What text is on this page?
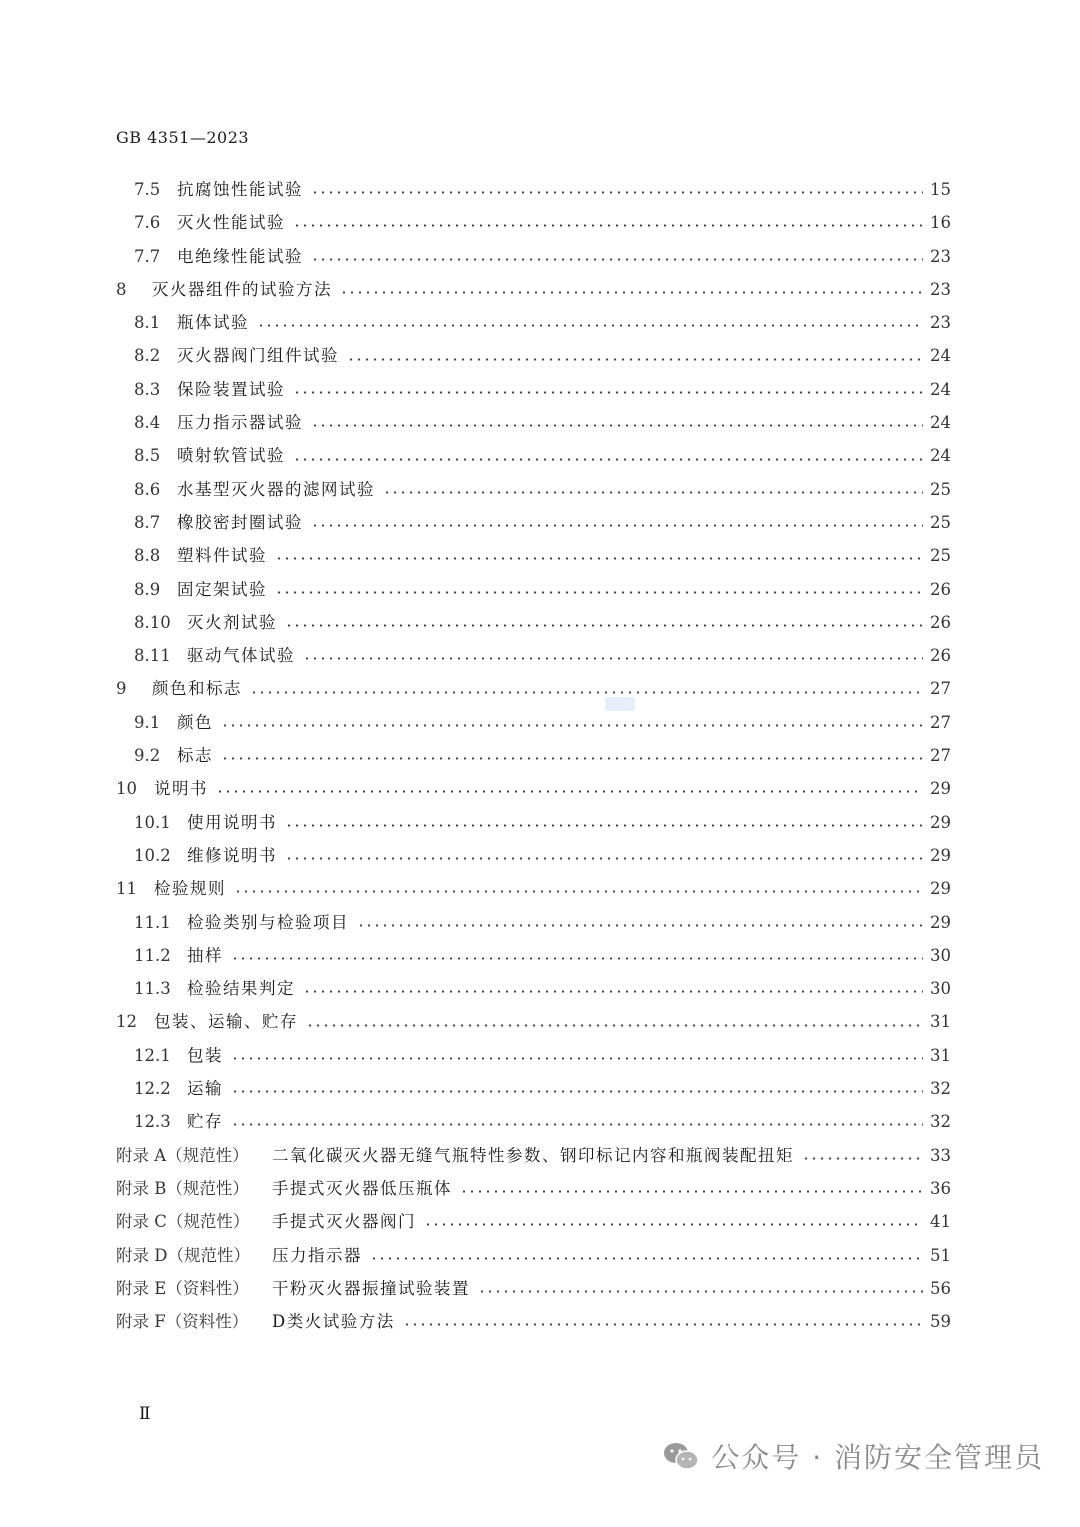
GB 4351—2023
7.5	抗腐蚀性能试验	15
7.6	灭火性能试验	16
7.7	电绝缘性能试验	23
8	灭火器组件的试验方法	23
8.1	瓶体试验	23
8.2	灭火器阀门组件试验	24
8.3	保险装置试验	24
8.4	压力指示器试验	24
8.5	喷射软管试验	24
8.6	水基型灭火器的滤网试验	25
8.7	橡胶密封圈试验	25
8.8	塑料件试验	25
8.9	固定架试验	26
8.10 灭火剂试验	26
8.11 驱动气体试验	26
9	颜色和标志	27
9.1	颜色	27
9.2	标志	27
10	说明书	29
10.1 使用说明书	29
10.2 维修说明书	29
11	检验规则	29
11.1 检验类别与检验项目	29
11.2 抽样	30
11.3 检验结果判定	30
12	包装、运输、贮存	31
12.1 包装	31
12.2 运输	32
12.3 贮存	32
附录 A（规范性）	二氧化碳灭火器无缝气瓶特性参数、钢印标记内容和瓶阀装配扭矩	33
附录 B（规范性）	手提式灭火器低压瓶体	36
附录 C（规范性）	手提式灭火器阀门	41
附录 D（规范性）	压力指示器	51
附录 E（资料性）	干粉灭火器振撞试验装置	56
附录 F（资料性）	D类火试验方法	59
Ⅱ
公众号 · 消防安全管理员
